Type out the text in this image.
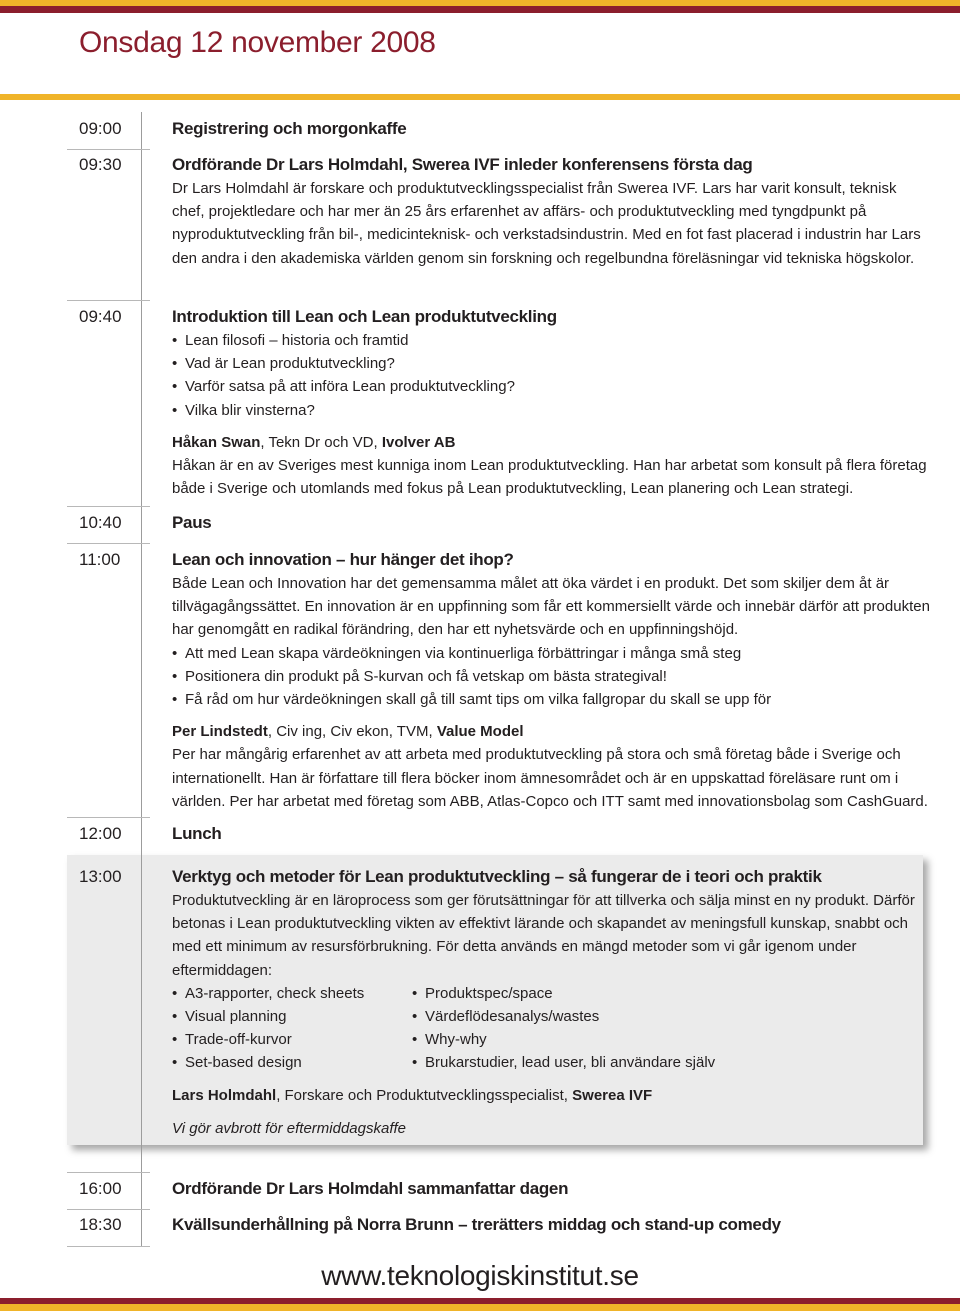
Onsdag 12 november 2008
09:00
09:30
09:40
10:40
11:00
12:00
13:00
16:00
18:30
Registrering och morgonkaffe
Ordförande Dr Lars Holmdahl, Swerea IVF inleder konferensens första dag

Dr Lars Holmdahl är forskare och produktutvecklingsspecialist från Swerea IVF. Lars har varit konsult, teknisk chef, projektledare och har mer än 25 års erfarenhet av affärs- och produktutveckling med tyngdpunkt på nyproduktutveckling från bil-, medicinteknisk- och verkstadsindustrin. Med en fot fast placerad i industrin har Lars den andra i den akademiska världen genom sin forskning och regelbundna föreläsningar vid tekniska högskolor.

Introduktion till Lean och Lean produktutveckling
• Lean filosofi – historia och framtid
• Vad är Lean produktutveckling?
• Varför satsa på att införa Lean produktutveckling?
• Vilka blir vinsterna?
Håkan Swan, Tekn Dr och VD, Ivolver AB

Håkan är en av Sveriges mest kunniga inom Lean produktutveckling. Han har arbetat som konsult på flera företag både i Sverige och utomlands med fokus på Lean produktutveckling, Lean planering och Lean strategi.

Paus
Lean och innovation – hur hänger det ihop?

Både Lean och Innovation har det gemensamma målet att öka värdet i en produkt. Det som skiljer dem åt är tillvägagångssättet. En innovation är en uppfinning som får ett kommersiellt värde och innebär därför att produkten har genomgått en radikal förändring, den har ett nyhetsvärde och en uppfinningshöjd.

• Att med Lean skapa värdeökningen via kontinuerliga förbättringar i många små steg
• Positionera din produkt på S-kurvan och få vetskap om bästa strategival!
• Få råd om hur värdeökningen skall gå till samt tips om vilka fallgropar du skall se upp för
Per Lindstedt, Civ ing, Civ ekon, TVM, Value Model

Per har mångårig erfarenhet av att arbeta med produktutveckling på stora och små företag både i Sverige och internationellt. Han är författare till flera böcker inom ämnesområdet och är en uppskattad föreläsare runt om i världen. Per har arbetat med företag som ABB, Atlas-Copco och ITT samt med innovationsbolag som CashGuard.

Lunch
Verktyg och metoder för Lean produktutveckling – så fungerar de i teori och praktik

Produktutveckling är en läroprocess som ger förutsättningar för att tillverka och sälja minst en ny produkt. Därför betonas i Lean produktutveckling vikten av effektivt lärande och skapandet av meningsfull kunskap, snabbt och med ett minimum av resursförbrukning. För detta används en mängd metoder som vi går igenom under eftermiddagen:

• A3-rapporter, check sheets
• Visual planning
• Trade-off-kurvor
• Set-based design
• Produktspec/space
• Värdeflödesanalys/wastes
• Why-why
• Brukarstudier, lead user, bli användare själv
Lars Holmdahl, Forskare och Produktutvecklingsspecialist, Swerea IVF
Vi gör avbrott för eftermiddagskaffe
Ordförande Dr Lars Holmdahl sammanfattar dagen
Kvällsunderhållning på Norra Brunn – trerätters middag och stand-up comedy
www.teknologiskinstitut.se
